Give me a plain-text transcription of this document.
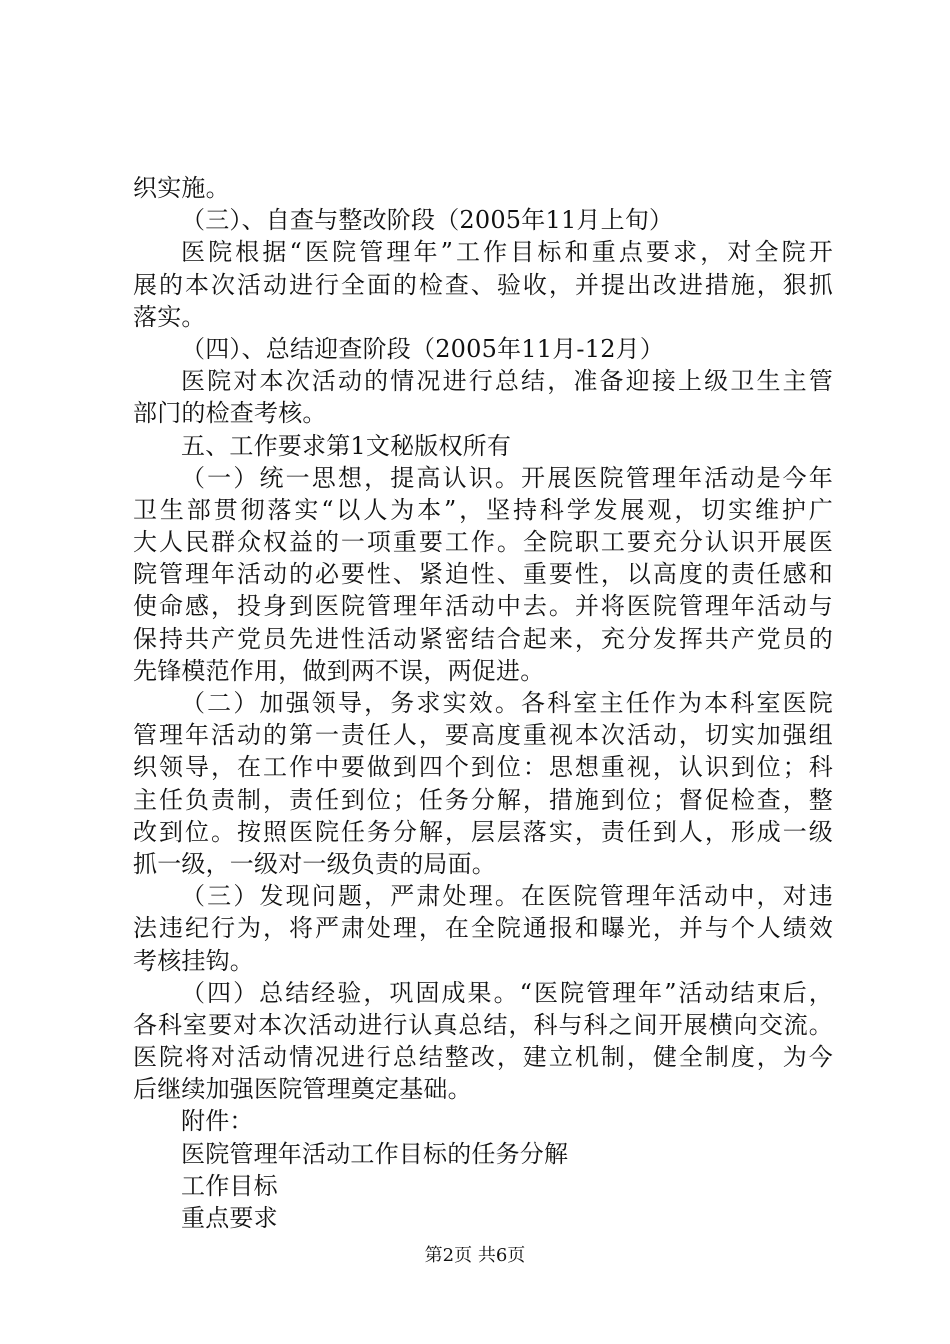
织实施。
（三）、自查与整改阶段（2005年11月上旬）
医院根据“医院管理年”工作目标和重点要求，对全院开
展的本次活动进行全面的检查、验收，并提出改进措施，狠抓
落实。
（四）、总结迎查阶段（2005年11月-12月）
医院对本次活动的情况进行总结，准备迎接上级卫生主管
部门的检查考核。
五、工作要求第1文秘版权所有
（一）统一思想，提高认识。开展医院管理年活动是今年
卫生部贯彻落实“以人为本”，坚持科学发展观，切实维护广
大人民群众权益的一项重要工作。全院职工要充分认识开展医
院管理年活动的必要性、紧迫性、重要性，以高度的责任感和
使命感，投身到医院管理年活动中去。并将医院管理年活动与
保持共产党员先进性活动紧密结合起来，充分发挥共产党员的
先锋模范作用，做到两不误，两促进。
（二）加强领导，务求实效。各科室主任作为本科室医院
管理年活动的第一责任人，要高度重视本次活动，切实加强组
织领导，在工作中要做到四个到位：思想重视，认识到位；科
主任负责制，责任到位；任务分解，措施到位；督促检查，整
改到位。按照医院任务分解，层层落实，责任到人，形成一级
抓一级，一级对一级负责的局面。
（三）发现问题，严肃处理。在医院管理年活动中，对违
法违纪行为，将严肃处理，在全院通报和曝光，并与个人绩效
考核挂钩。
（四）总结经验，巩固成果。“医院管理年”活动结束后，
各科室要对本次活动进行认真总结，科与科之间开展横向交流。
医院将对活动情况进行总结整改，建立机制，健全制度，为今
后继续加强医院管理奠定基础。
附件：
医院管理年活动工作目标的任务分解
工作目标
重点要求
第2页 共6页
